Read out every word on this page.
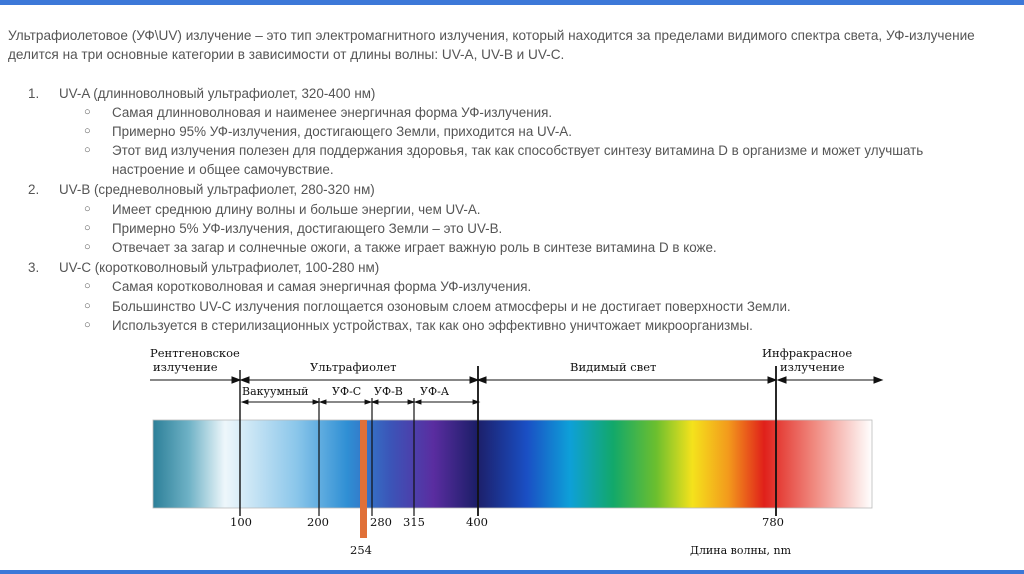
Ультрафиолетовое (УФ\UV) излучение – это тип электромагнитного излучения, который находится за пределами видимого спектра света, УФ-излучение делится на три основные категории в зависимости от длины волны: UV-A, UV-B и UV-C.

1. UV-A (длинноволновый ультрафиолет, 320-400 нм)
○ Самая длинноволновая и наименее энергичная форма УФ-излучения.
○ Примерно 95% УФ-излучения, достигающего Земли, приходится на UV-A.
○ Этот вид излучения полезен для поддержания здоровья, так как способствует синтезу витамина D в организме и может улучшать настроение и общее самочувствие.
2. UV-B (средневолновый ультрафиолет, 280-320 нм)
○ Имеет среднюю длину волны и больше энергии, чем UV-A.
○ Примерно 5% УФ-излучения, достигающего Земли – это UV-B.
○ Отвечает за загар и солнечные ожоги, а также играет важную роль в синтезе витамина D в коже.
3. UV-C (коротковолновый ультрафиолет, 100-280 нм)
○ Самая коротковолновая и самая энергичная форма УФ-излучения.
○ Большинство UV-C излучения поглощается озоновым слоем атмосферы и не достигает поверхности Земли.
○ Используется в стерилизационных устройствах, так как оно эффективно уничтожает микроорганизмы.
Рентгеновское
излучение	Ультрафиолет	Видимый свет
Инфракрасное
излучение
Вакуумный УФ-С УФ-В УФ-А
254
100	200	280 315	400	780
Длина волны, nm
